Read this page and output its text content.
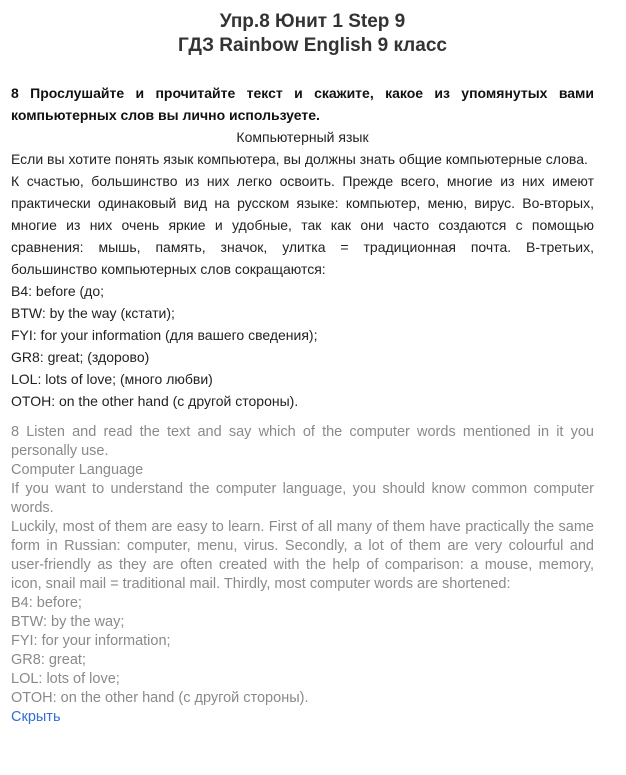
Упр.8 Юнит 1 Step 9
ГДЗ Rainbow English 9 класс
8 Прослушайте и прочитайте текст и скажите, какое из упомянутых вами компьютерных слов вы лично используете.
Компьютерный язык

Если вы хотите понять язык компьютера, вы должны знать общие компьютерные слова.

К счастью, большинство из них легко освоить. Прежде всего, многие из них имеют практически одинаковый вид на русском языке: компьютер, меню, вирус. Во-вторых, многие из них очень яркие и удобные, так как они часто создаются с помощью сравнения: мышь, память, значок, улитка = традиционная почта. В-третьих, большинство компьютерных слов сокращаются:

B4: before (до;

BTW: by the way (кстати);

FYI: for your information (для вашего сведения);

GR8: great; (здорово)

LOL: lots of love; (много любви)

OTOH: on the other hand (с другой стороны).

8 Listen and read the text and say which of the computer words mentioned in it you personally use.

Computer Language

If you want to understand the computer language, you should know common computer words.

Luckily, most of them are easy to learn. First of all many of them have practically the same form in Russian: computer, menu, virus. Secondly, a lot of them are very colourful and user-friendly as they are often created with the help of comparison: a mouse, memory, icon, snail mail = traditional mail. Thirdly, most computer words are shortened:

B4: before;

BTW: by the way;

FYI: for your information;

GR8: great;

LOL: lots of love;

OTOH: on the other hand (с другой стороны).

Скрыть
